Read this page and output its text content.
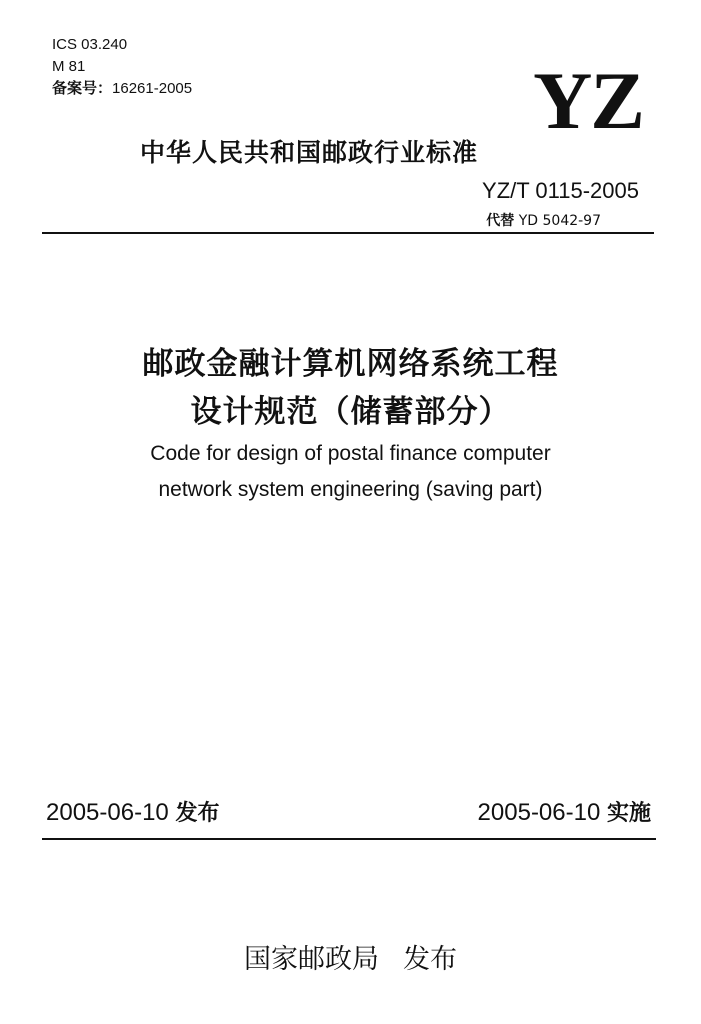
ICS 03.240
M 81
备案号：16261-2005	YZ
中华人民共和国邮政行业标准
YZ/T 0115-2005
代替 YD 5042-97
邮政金融计算机网络系统工程
设计规范（储蓄部分）
Code for design of postal finance computer
network system engineering (saving part)
2005-06-10 发布	2005-06-10 实施
国家邮政局 发布
